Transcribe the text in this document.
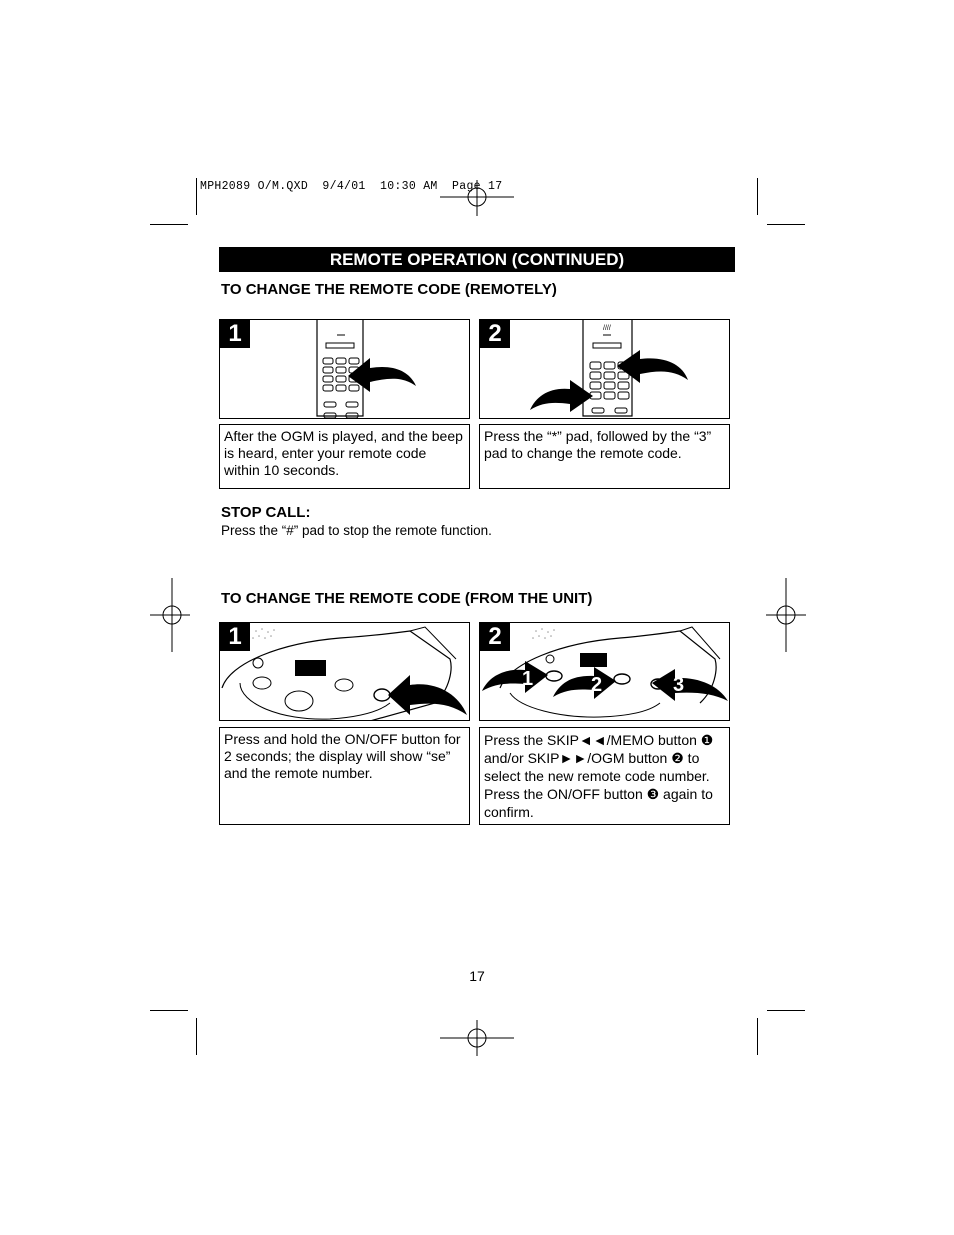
MPH2089 O/M.QXD  9/4/01  10:30 AM  Page 17
REMOTE OPERATION (CONTINUED)
TO CHANGE THE REMOTE CODE (REMOTELY)
1	2	////
After the OGM is played, and the beep is heard, enter your remote code within 10 seconds.
Press the “*” pad, followed by the “3” pad to change the remote code.
STOP CALL:
Press the “#” pad to stop the remote function.
TO CHANGE THE REMOTE CODE (FROM THE UNIT)
1	2
1	2	3
Press and hold the ON/OFF button for 2 seconds; the display will show “se” and the remote number.
Press the SKIP◄◄/MEMO button ❶ and/or SKIP►►/OGM button ❷ to select the new remote code number. Press the ON/OFF button ❸ again to confirm.
17
